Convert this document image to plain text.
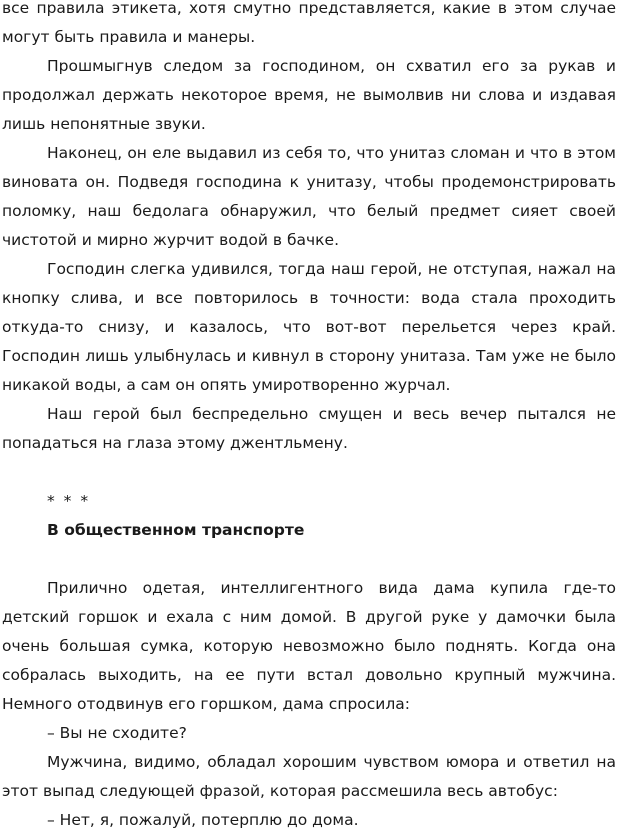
все правила этикета, хотя смутно представляется, какие в этом случае могут быть правила и манеры.

Прошмыгнув следом за господином, он схватил его за рукав и продолжал держать некоторое время, не вымолвив ни слова и издавая лишь непонятные звуки.

Наконец, он еле выдавил из себя то, что унитаз сломан и что в этом виновата он. Подведя господина к унитазу, чтобы продемонстрировать поломку, наш бедолага обнаружил, что белый предмет сияет своей чистотой и мирно журчит водой в бачке.

Господин слегка удивился, тогда наш герой, не отступая, нажал на кнопку слива, и все повторилось в точности: вода стала проходить откуда-то снизу, и казалось, что вот-вот перельется через край. Господин лишь улыбнулась и кивнул в сторону унитаза. Там уже не было никакой воды, а сам он опять умиротворенно журчал.

Наш герой был беспредельно смущен и весь вечер пытался не попадаться на глаза этому джентльмену.

* * *

В общественном транспорте

Прилично одетая, интеллигентного вида дама купила где-то детский горшок и ехала с ним домой. В другой руке у дамочки была очень большая сумка, которую невозможно было поднять. Когда она собралась выходить, на ее пути встал довольно крупный мужчина. Немного отодвинув его горшком, дама спросила:

– Вы не сходите?

Мужчина, видимо, обладал хорошим чувством юмора и ответил на этот выпад следующей фразой, которая рассмешила весь автобус:

– Нет, я, пожалуй, потерплю до дома.
